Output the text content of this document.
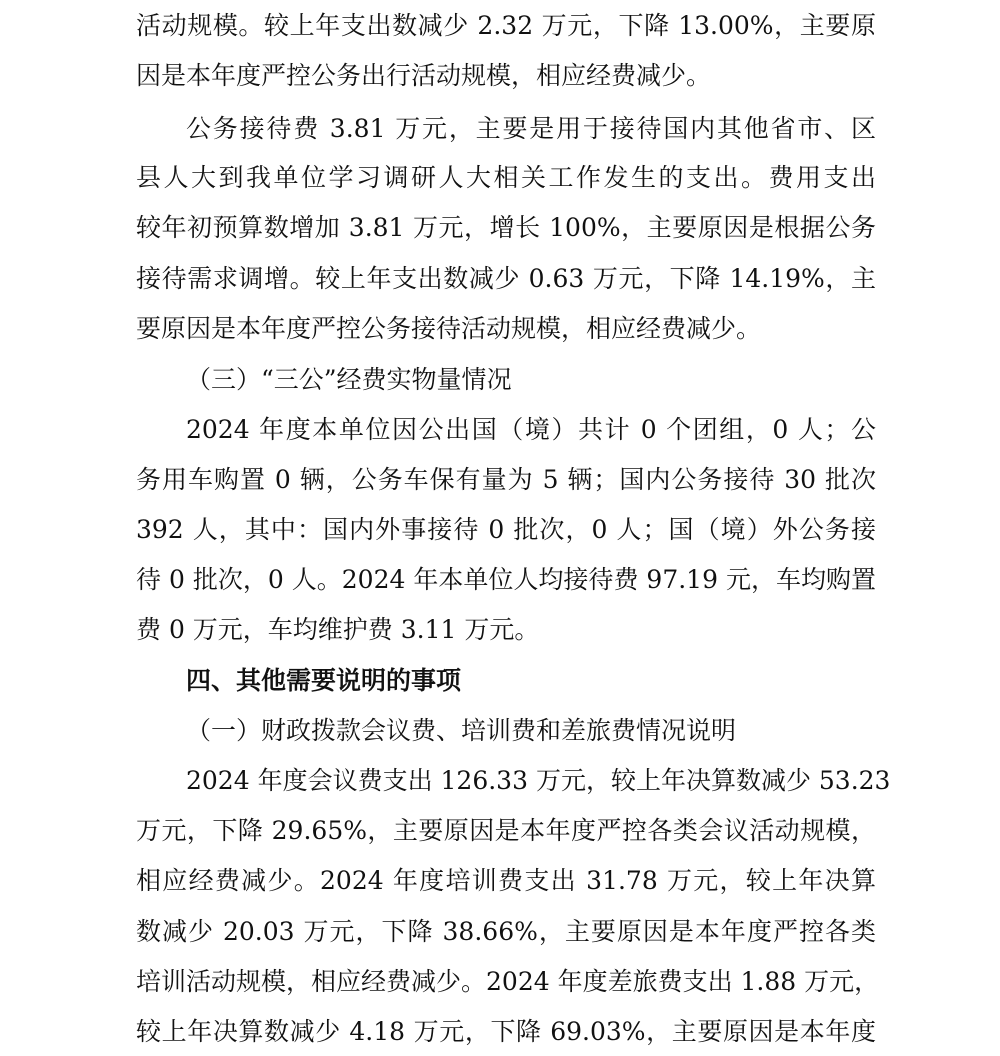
活动规模。较上年支出数减少 2.32 万元，下降 13.00%，主要原
因是本年度严控公务出行活动规模，相应经费减少。
公务接待费 3.81 万元，主要是用于接待国内其他省市、区
县人大到我单位学习调研人大相关工作发生的支出。费用支出
较年初预算数增加 3.81 万元，增长 100%，主要原因是根据公务
接待需求调增。较上年支出数减少 0.63 万元，下降 14.19%，主
要原因是本年度严控公务接待活动规模，相应经费减少。
（三）“三公”经费实物量情况
2024 年度本单位因公出国（境）共计 0 个团组，0 人；公
务用车购置 0 辆，公务车保有量为 5 辆；国内公务接待 30 批次
392 人，其中：国内外事接待 0 批次，0 人；国（境）外公务接
待 0 批次，0 人。2024 年本单位人均接待费 97.19 元，车均购置
费 0 万元，车均维护费 3.11 万元。
四、其他需要说明的事项
（一）财政拨款会议费、培训费和差旅费情况说明
2024 年度会议费支出 126.33 万元，较上年决算数减少 53.23
万元，下降 29.65%，主要原因是本年度严控各类会议活动规模，
相应经费减少。2024 年度培训费支出 31.78 万元，较上年决算
数减少 20.03 万元，下降 38.66%，主要原因是本年度严控各类
培训活动规模，相应经费减少。2024 年度差旅费支出 1.88 万元，
较上年决算数减少 4.18 万元，下降 69.03%，主要原因是本年度
